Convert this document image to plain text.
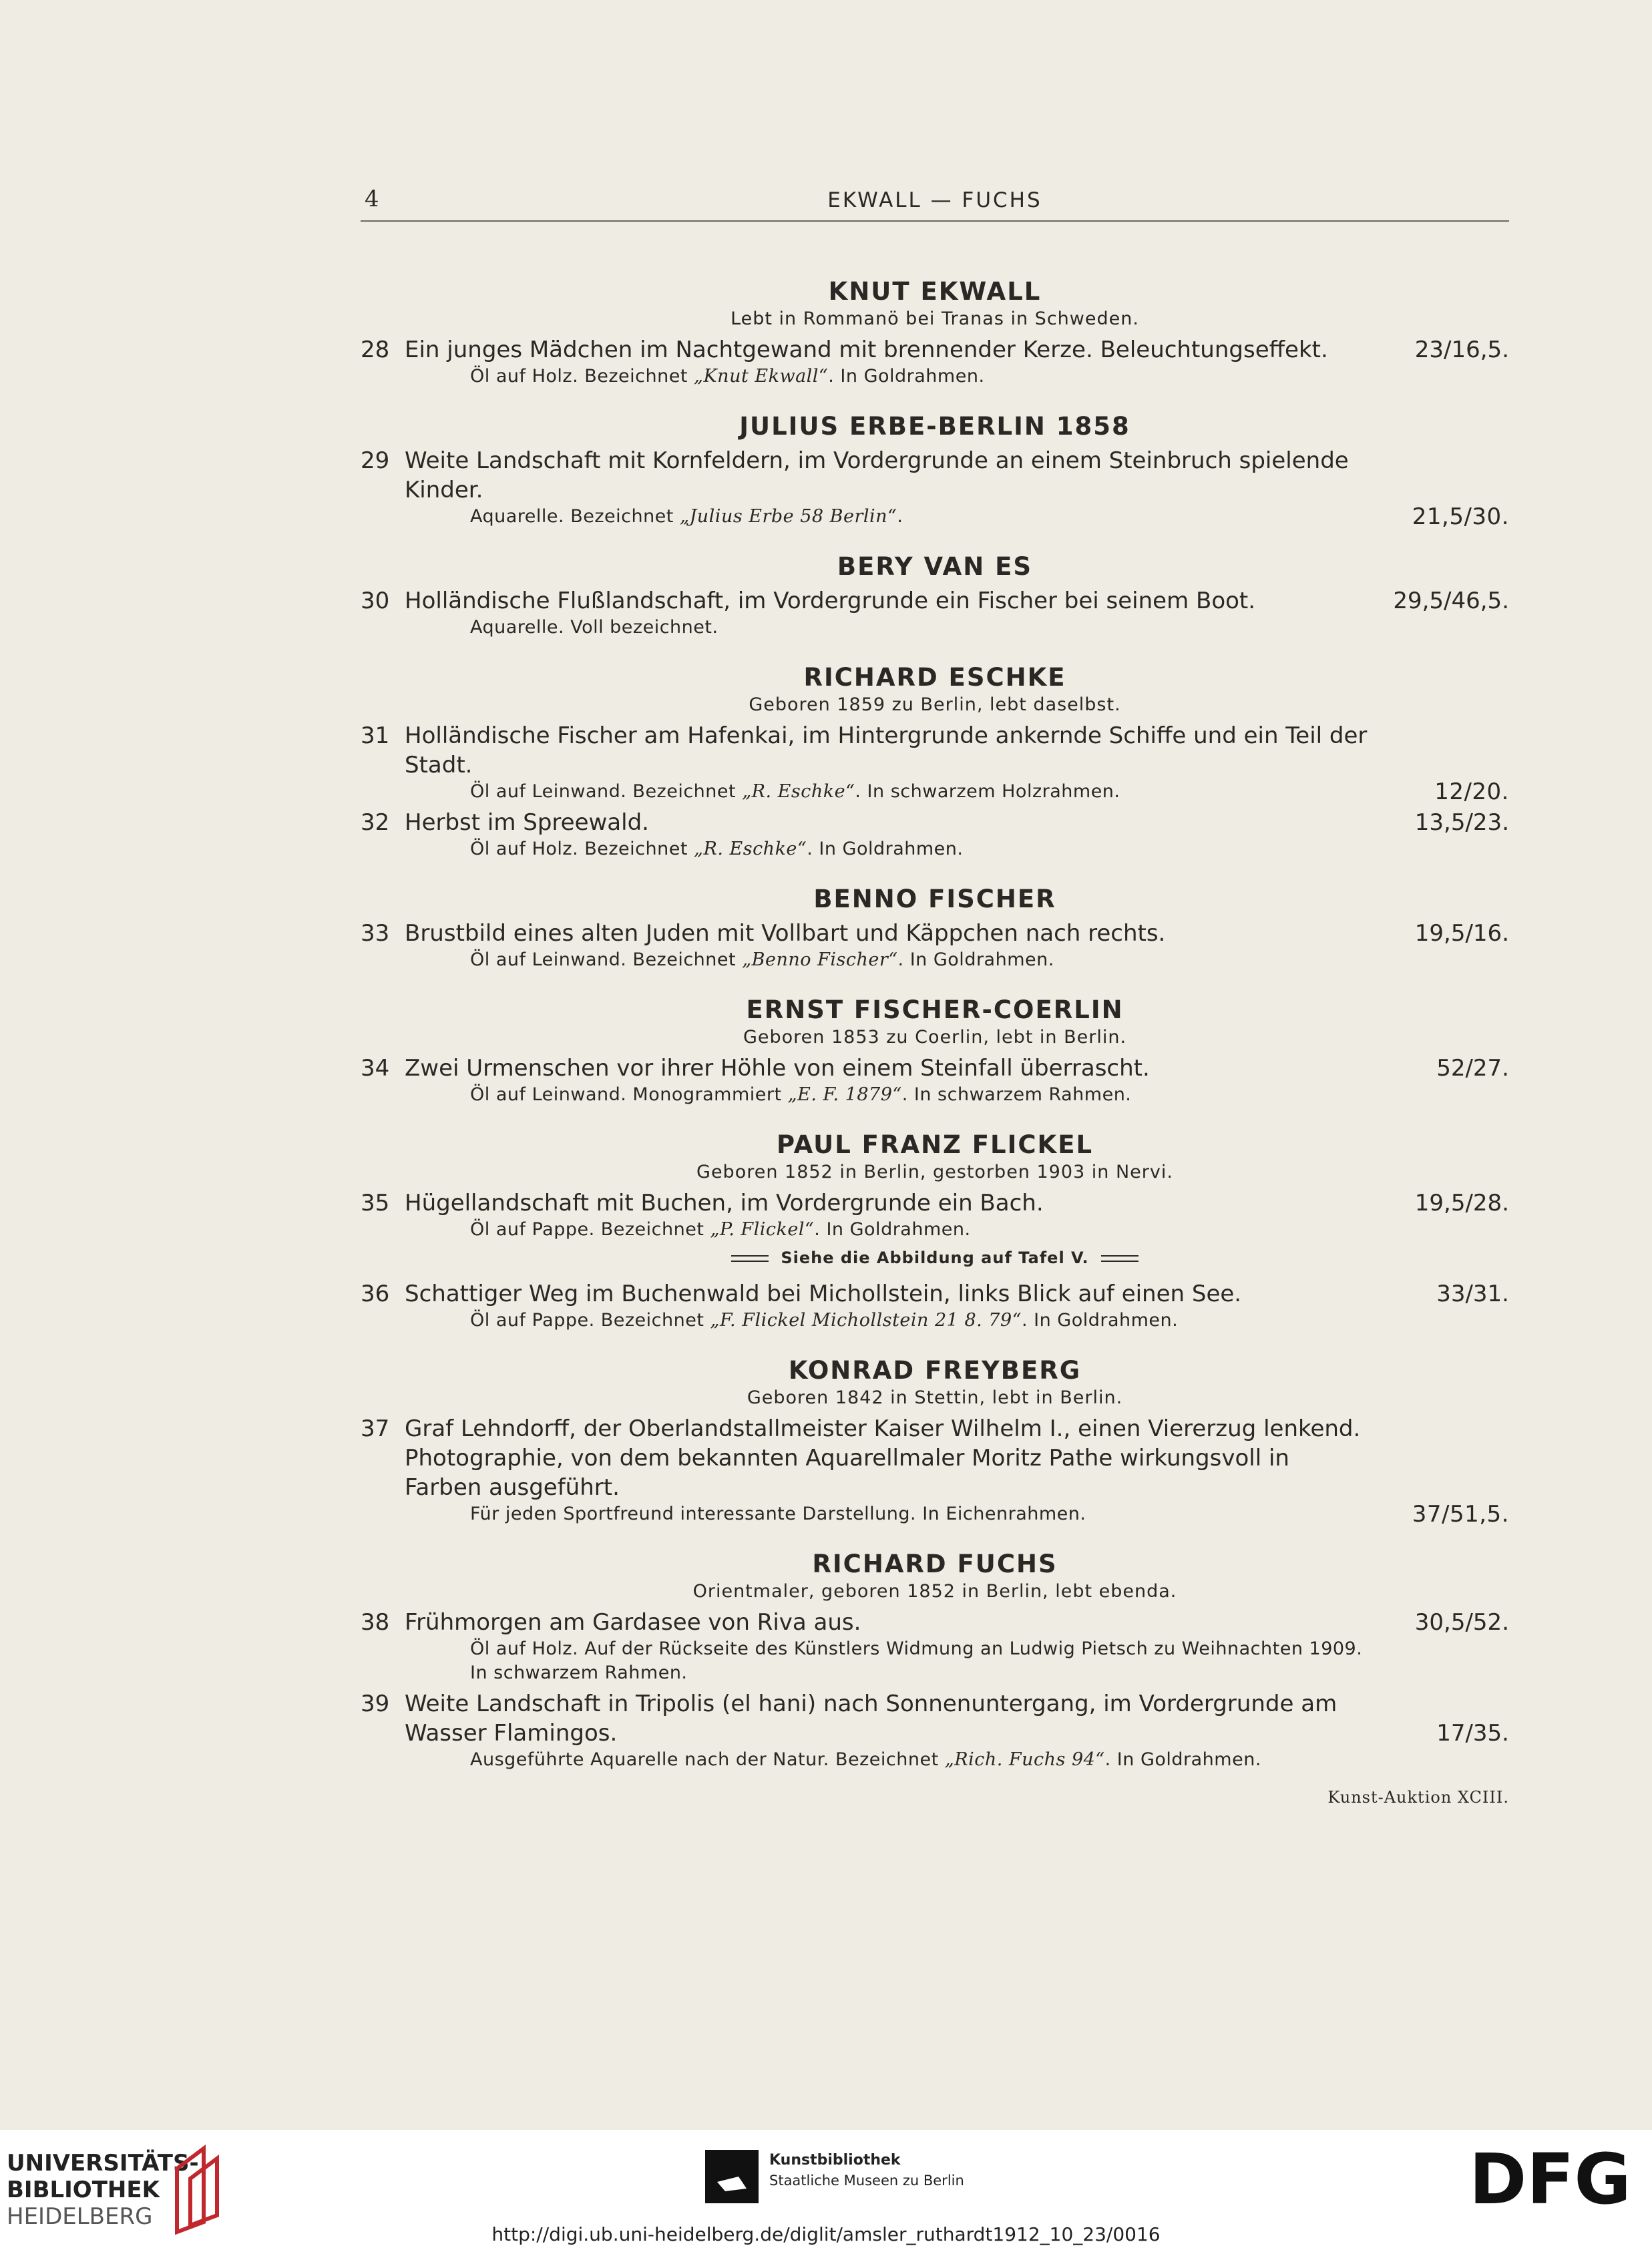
4	EKWALL — FUCHS
KNUT EKWALL
Lebt in Rommanö bei Tranas in Schweden.
28 Ein junges Mädchen im Nachtgewand mit brennender Kerze. Beleuchtungseffekt.	23/16,5.
Öl auf Holz. Bezeichnet „Knut Ekwall“. In Goldrahmen.
JULIUS ERBE-BERLIN 1858
29 Weite Landschaft mit Kornfeldern, im Vordergrunde an einem Steinbruch spielende Kinder.
Aquarelle. Bezeichnet „Julius Erbe 58 Berlin“.	21,5/30.
BERY VAN ES
30 Holländische Flußlandschaft, im Vordergrunde ein Fischer bei seinem Boot.	29,5/46,5.
Aquarelle. Voll bezeichnet.
RICHARD ESCHKE
Geboren 1859 zu Berlin, lebt daselbst.
31 Holländische Fischer am Hafenkai, im Hintergrunde ankernde Schiffe und ein Teil der Stadt.
Öl auf Leinwand. Bezeichnet „R. Eschke“. In schwarzem Holzrahmen.	12/20.
32 Herbst im Spreewald.	13,5/23.
Öl auf Holz. Bezeichnet „R. Eschke“. In Goldrahmen.
BENNO FISCHER
33 Brustbild eines alten Juden mit Vollbart und Käppchen nach rechts.	19,5/16.
Öl auf Leinwand. Bezeichnet „Benno Fischer“. In Goldrahmen.
ERNST FISCHER-COERLIN
Geboren 1853 zu Coerlin, lebt in Berlin.
34 Zwei Urmenschen vor ihrer Höhle von einem Steinfall überrascht.	52/27.
Öl auf Leinwand. Monogrammiert „E. F. 1879“. In schwarzem Rahmen.
PAUL FRANZ FLICKEL
Geboren 1852 in Berlin, gestorben 1903 in Nervi.
35 Hügellandschaft mit Buchen, im Vordergrunde ein Bach.	19,5/28.
Öl auf Pappe. Bezeichnet „P. Flickel“. In Goldrahmen.
Siehe die Abbildung auf Tafel V.
36 Schattiger Weg im Buchenwald bei Michollstein, links Blick auf einen See.	33/31.
Öl auf Pappe. Bezeichnet „F. Flickel Michollstein 21 8. 79“. In Goldrahmen.
KONRAD FREYBERG
Geboren 1842 in Stettin, lebt in Berlin.
37 Graf Lehndorff, der Oberlandstallmeister Kaiser Wilhelm I., einen Viererzug lenkend. Photographie, von dem bekannten Aquarellmaler Moritz Pathe wirkungsvoll in Farben ausgeführt.
Für jeden Sportfreund interessante Darstellung. In Eichenrahmen.	37/51,5.
RICHARD FUCHS
Orientmaler, geboren 1852 in Berlin, lebt ebenda.
38 Frühmorgen am Gardasee von Riva aus.	30,5/52.
Öl auf Holz. Auf der Rückseite des Künstlers Widmung an Ludwig Pietsch zu Weihnachten 1909. In schwarzem Rahmen.
39 Weite Landschaft in Tripolis (el hani) nach Sonnenuntergang, im Vordergrunde am Wasser Flamingos.	17/35.
Ausgeführte Aquarelle nach der Natur. Bezeichnet „Rich. Fuchs 94“. In Goldrahmen.
Kunst-Auktion XCIII.
UNIVERSITÄTS-
BIBLIOTHEK
HEIDELBERG
Kunstbibliothek
Staatliche Museen zu Berlin	DFG
http://digi.ub.uni-heidelberg.de/diglit/amsler_ruthardt1912_10_23/0016
